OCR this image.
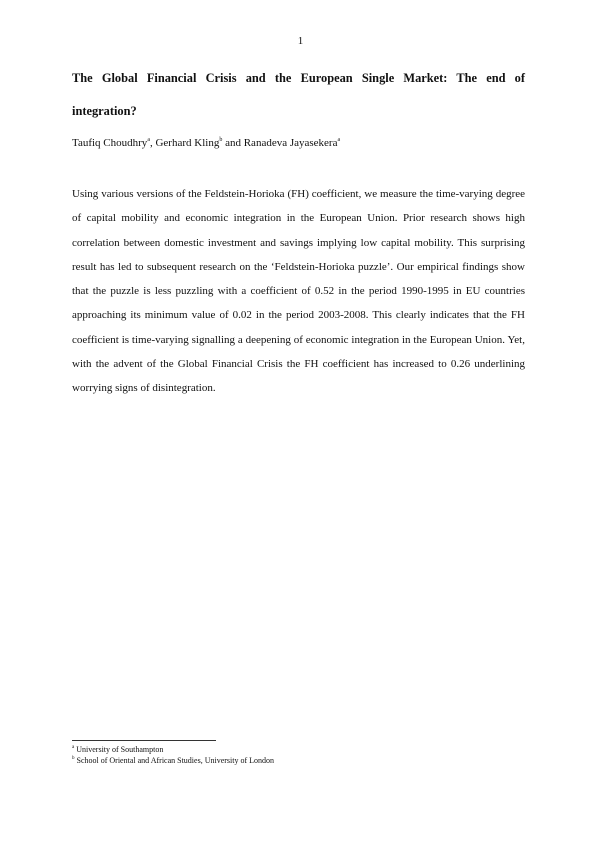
1
The Global Financial Crisis and the European Single Market: The end of integration?
Taufiq Choudhry$^a$, Gerhard Kling$^b$ and Ranadeva Jayasekera$^a$

Using various versions of the Feldstein-Horioka (FH) coefficient, we measure the time-varying degree of capital mobility and economic integration in the European Union. Prior research shows high correlation between domestic investment and savings implying low capital mobility. This surprising result has led to subsequent research on the ‘Feldstein-Horioka puzzle’. Our empirical findings show that the puzzle is less puzzling with a coefficient of 0.52 in the period 1990-1995 in EU countries approaching its minimum value of 0.02 in the period 2003-2008. This clearly indicates that the FH coefficient is time-varying signalling a deepening of economic integration in the European Union. Yet, with the advent of the Global Financial Crisis the FH coefficient has increased to 0.26 underlining worrying signs of disintegration.

$^a$ University of Southampton
$^b$ School of Oriental and African Studies, University of London
